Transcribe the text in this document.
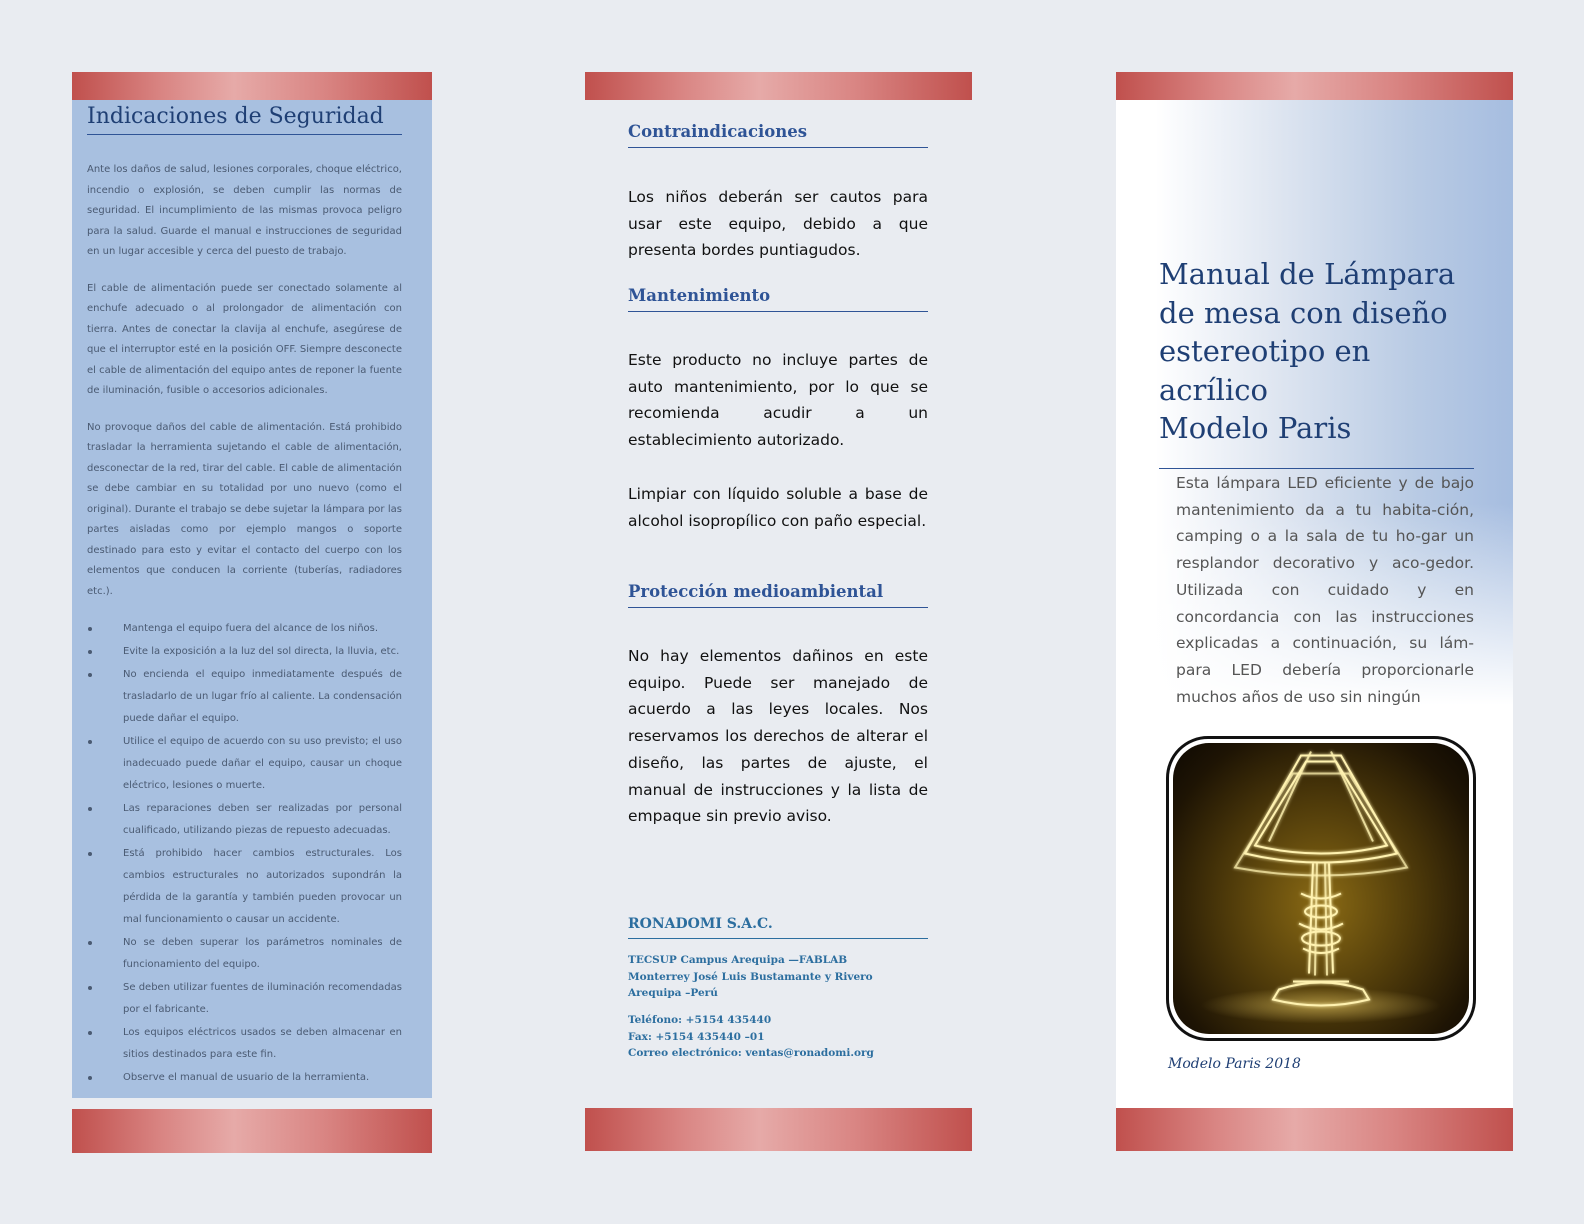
Indicaciones de Seguridad

Ante los daños de salud, lesiones corporales, choque eléctrico, incendio o explosión, se deben cumplir las normas de seguridad. El incumplimiento de las mismas provoca peligro para la salud. Guarde el manual e instrucciones de seguridad en un lugar accesible y cerca del puesto de trabajo.

El cable de alimentación puede ser conectado solamente al enchufe adecuado o al prolongador de alimentación con tierra. Antes de conectar la clavija al enchufe, asegúrese de que el interruptor esté en la posición OFF. Siempre desconecte el cable de alimentación del equipo antes de reponer la fuente de iluminación, fusible o accesorios adicionales.

No provoque daños del cable de alimentación. Está prohibido trasladar la herramienta sujetando el cable de alimentación, desconectar de la red, tirar del cable. El cable de alimentación se debe cambiar en su totalidad por uno nuevo (como el original). Durante el trabajo se debe sujetar la lámpara por las partes aisladas como por ejemplo mangos o soporte destinado para esto y evitar el contacto del cuerpo con los elementos que conducen la corriente (tuberías, radiadores etc.).

Mantenga el equipo fuera del alcance de los niños.
Evite la exposición a la luz del sol directa, la lluvia, etc.
No encienda el equipo inmediatamente después de trasladarlo de un lugar frío al caliente. La condensación puede dañar el equipo.
Utilice el equipo de acuerdo con su uso previsto; el uso inadecuado puede dañar el equipo, causar un choque eléctrico, lesiones o muerte.
Las reparaciones deben ser realizadas por personal cualificado, utilizando piezas de repuesto adecuadas.
Está prohibido hacer cambios estructurales. Los cambios estructurales no autorizados supondrán la pérdida de la garantía y también pueden provocar un mal funcionamiento o causar un accidente.
No se deben superar los parámetros nominales de funcionamiento del equipo.
Se deben utilizar fuentes de iluminación recomendadas por el fabricante.
Los equipos eléctricos usados se deben almacenar en sitios destinados para este fin.
Observe el manual de usuario de la herramienta.
Contraindicaciones

Los niños deberán ser cautos para usar este equipo, debido a que presenta bordes puntiagudos.

Mantenimiento

Este producto no incluye partes de auto mantenimiento, por lo que se recomienda acudir a un establecimiento autorizado.

Limpiar con líquido soluble a base de alcohol isopropílico con paño especial.

Protección medioambiental

No hay elementos dañinos en este equipo. Puede ser manejado de acuerdo a las leyes locales. Nos reservamos los derechos de alterar el diseño, las partes de ajuste, el manual de instrucciones y la lista de empaque sin previo aviso.

RONADOMI S.A.C.
TECSUP Campus Arequipa —FABLAB
Monterrey José Luis Bustamante y Rivero
Arequipa –Perú
Teléfono: +5154 435440
Fax: +5154 435440 –01
Correo electrónico: ventas@ronadomi.org
Manual de Lámpara
de mesa con diseño
estereotipo en acrílico
Modelo Paris
Esta lámpara LED eficiente y de bajo mantenimiento da a tu habita-ción, camping o a la sala de tu ho-gar un resplandor decorativo y aco-gedor. Utilizada con cuidado y en concordancia con las instrucciones explicadas a continuación, su lám-para LED debería proporcionarle muchos años de uso sin ningún
Modelo Paris 2018
